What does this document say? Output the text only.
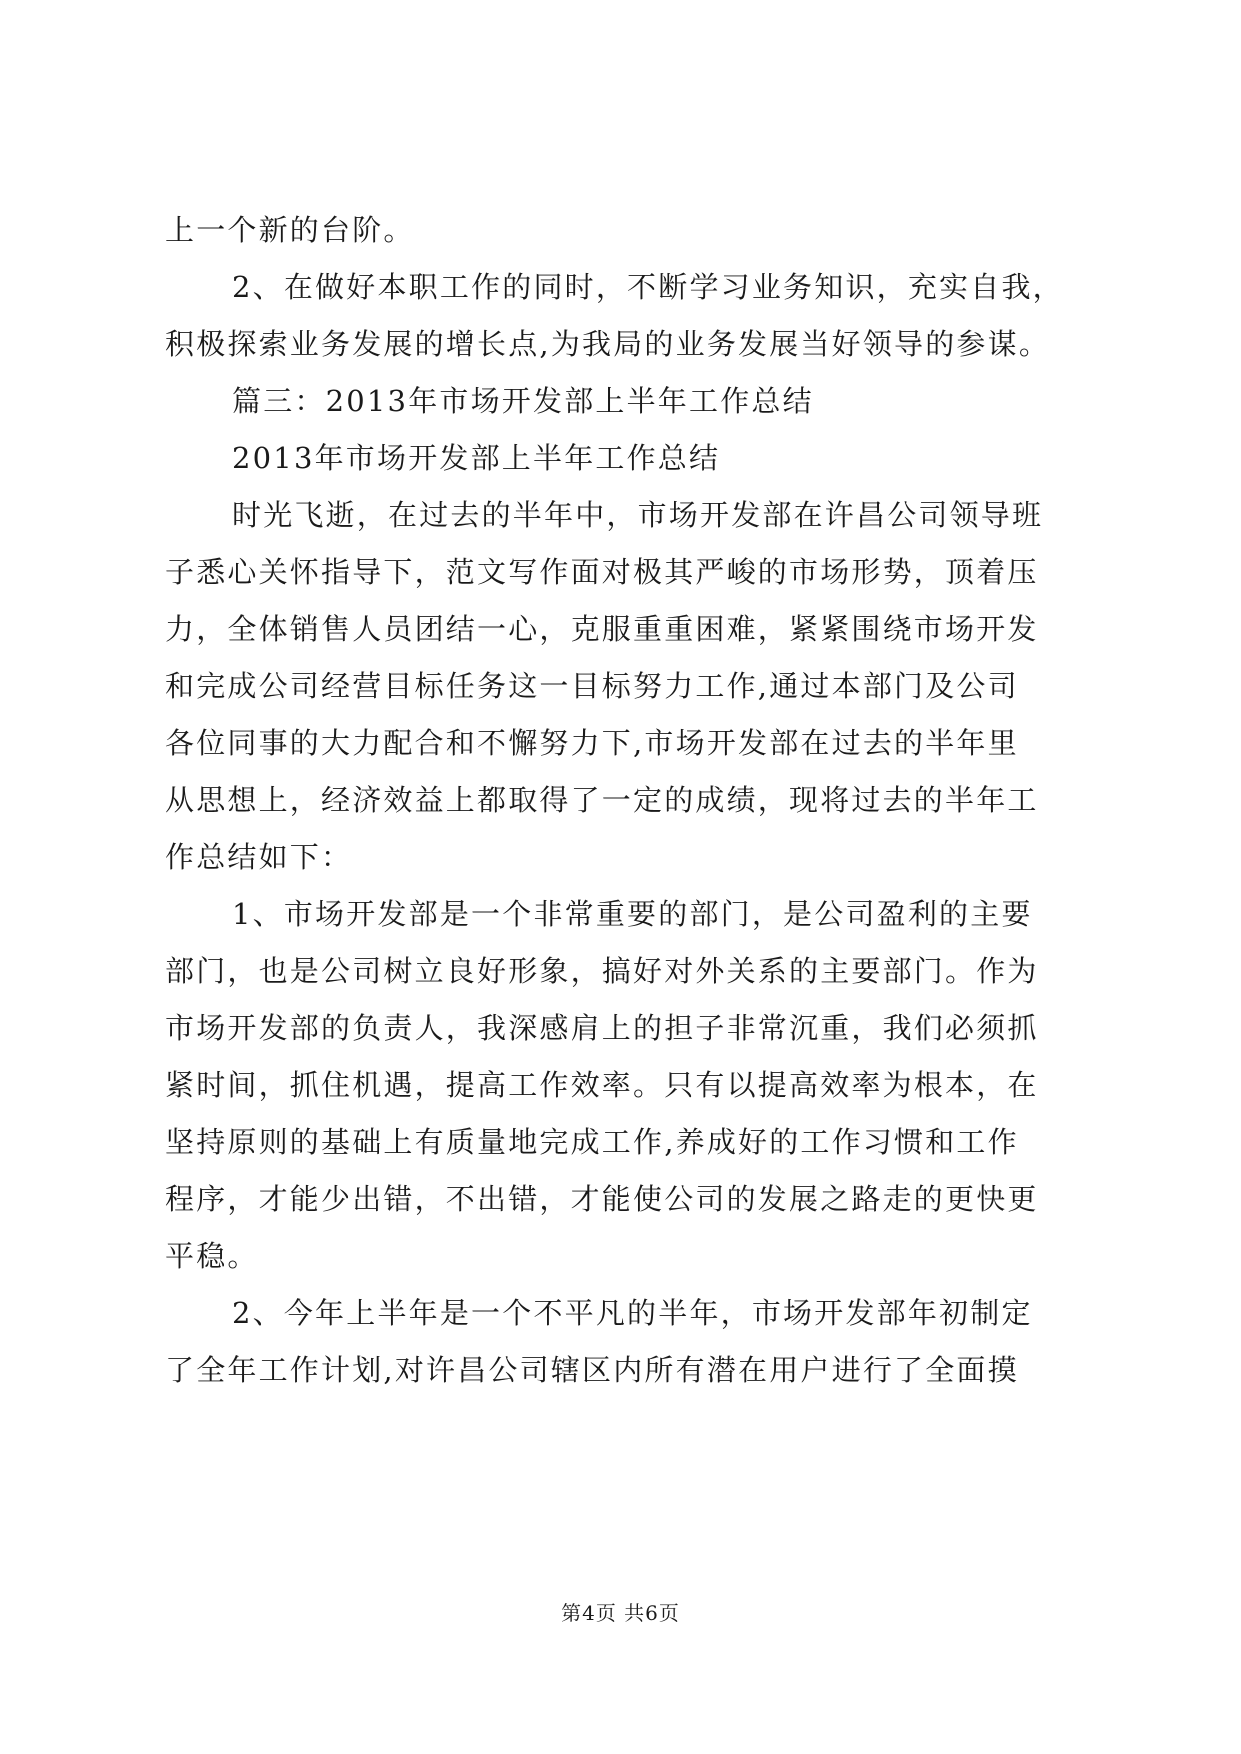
上一个新的台阶。
2、在做好本职工作的同时，不断学习业务知识，充实自我，
积极探索业务发展的增长点,为我局的业务发展当好领导的参谋。
篇三：2013年市场开发部上半年工作总结
2013年市场开发部上半年工作总结
时光飞逝，在过去的半年中，市场开发部在许昌公司领导班
子悉心关怀指导下，范文写作面对极其严峻的市场形势，顶着压
力，全体销售人员团结一心，克服重重困难，紧紧围绕市场开发
和完成公司经营目标任务这一目标努力工作,通过本部门及公司
各位同事的大力配合和不懈努力下,市场开发部在过去的半年里
从思想上，经济效益上都取得了一定的成绩，现将过去的半年工
作总结如下：
1、市场开发部是一个非常重要的部门，是公司盈利的主要
部门，也是公司树立良好形象，搞好对外关系的主要部门。作为
市场开发部的负责人，我深感肩上的担子非常沉重，我们必须抓
紧时间，抓住机遇，提高工作效率。只有以提高效率为根本，在
坚持原则的基础上有质量地完成工作,养成好的工作习惯和工作
程序，才能少出错，不出错，才能使公司的发展之路走的更快更
平稳。
2、今年上半年是一个不平凡的半年，市场开发部年初制定
了全年工作计划,对许昌公司辖区内所有潜在用户进行了全面摸
第4页 共6页
